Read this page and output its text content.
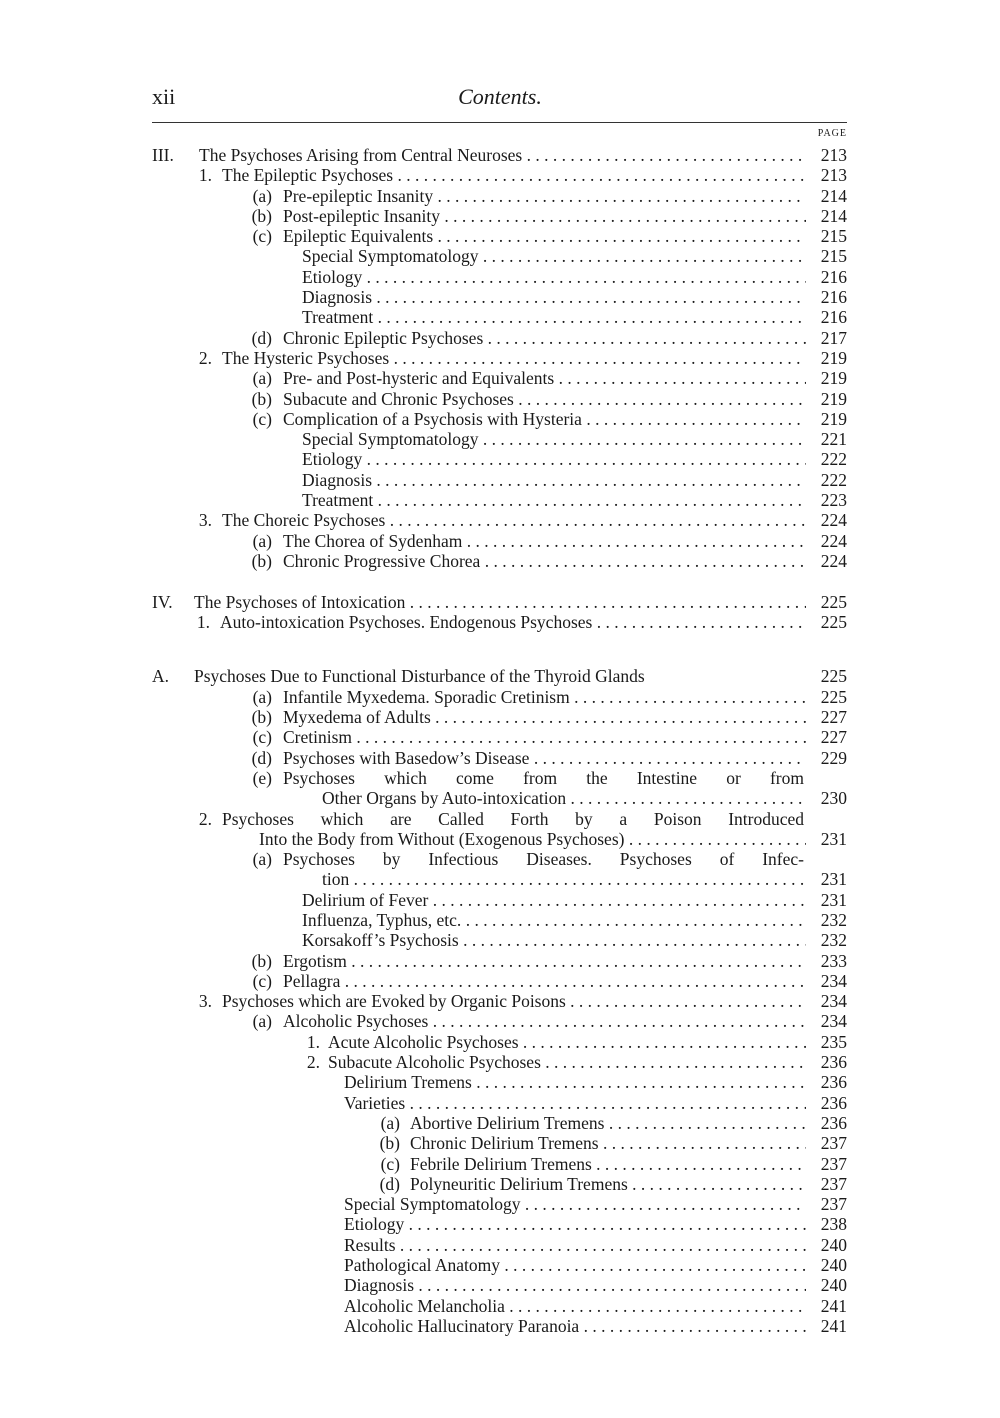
xii	Contents.
PAGE
III.	The Psychoses Arising from Central Neuroses . . .	213
1. The Epileptic Psychoses . . .	213
(a) Pre-epileptic Insanity . . .	214
(b) Post-epileptic Insanity . . .	214
(c) Epileptic Equivalents . . .	215
Special Symptomatology . . .	215
Etiology . . .	216
Diagnosis . . .	216
Treatment . . .	216
(d) Chronic Epileptic Psychoses . . .	217
2. The Hysteric Psychoses . . .	219
(a) Pre- and Post-hysteric and Equivalents . . .	219
(b) Subacute and Chronic Psychoses . . .	219
(c) Complication of a Psychosis with Hysteria . . .	219
Special Symptomatology . . .	221
Etiology . . .	222
Diagnosis . . .	222
Treatment . . .	223
3. The Choreic Psychoses . . .	224
(a) The Chorea of Sydenham . . .	224
(b) Chronic Progressive Chorea . . .	224
IV.	The Psychoses of Intoxication . . .	225
1. Auto-intoxication Psychoses. Endogenous Psychoses . . .	225
A.	Psychoses Due to Functional Disturbance of the Thyroid Glands	225
(a) Infantile Myxedema. Sporadic Cretinism . . .	225
(b) Myxedema of Adults . . .	227
(c) Cretinism . . .	227
(d) Psychoses with Basedow’s Disease . . .	229
(e) Psychoses which come from the Intestine or from
Other Organs by Auto-intoxication . . .	230
2. Psychoses which are Called Forth by a Poison Introduced
Into the Body from Without (Exogenous Psychoses) . . .	231
(a) Psychoses by Infectious Diseases. Psychoses of Infec-
tion . . .	231
Delirium of Fever . . .	231
Influenza, Typhus, etc. . . .	232
Korsakoff’s Psychosis . . .	232
(b) Ergotism . . .	233
(c) Pellagra . . .	234
3. Psychoses which are Evoked by Organic Poisons . . .	234
(a) Alcoholic Psychoses . . .	234
1. Acute Alcoholic Psychoses . . .	235
2. Subacute Alcoholic Psychoses . . .	236
Delirium Tremens . . .	236
Varieties . . .	236
(a) Abortive Delirium Tremens . . .	236
(b) Chronic Delirium Tremens . . .	237
(c) Febrile Delirium Tremens . . .	237
(d) Polyneuritic Delirium Tremens . . .	237
Special Symptomatology . . .	237
Etiology . . .	238
Results . . .	240
Pathological Anatomy . . .	240
Diagnosis . . .	240
Alcoholic Melancholia . . .	241
Alcoholic Hallucinatory Paranoia . . .	241
